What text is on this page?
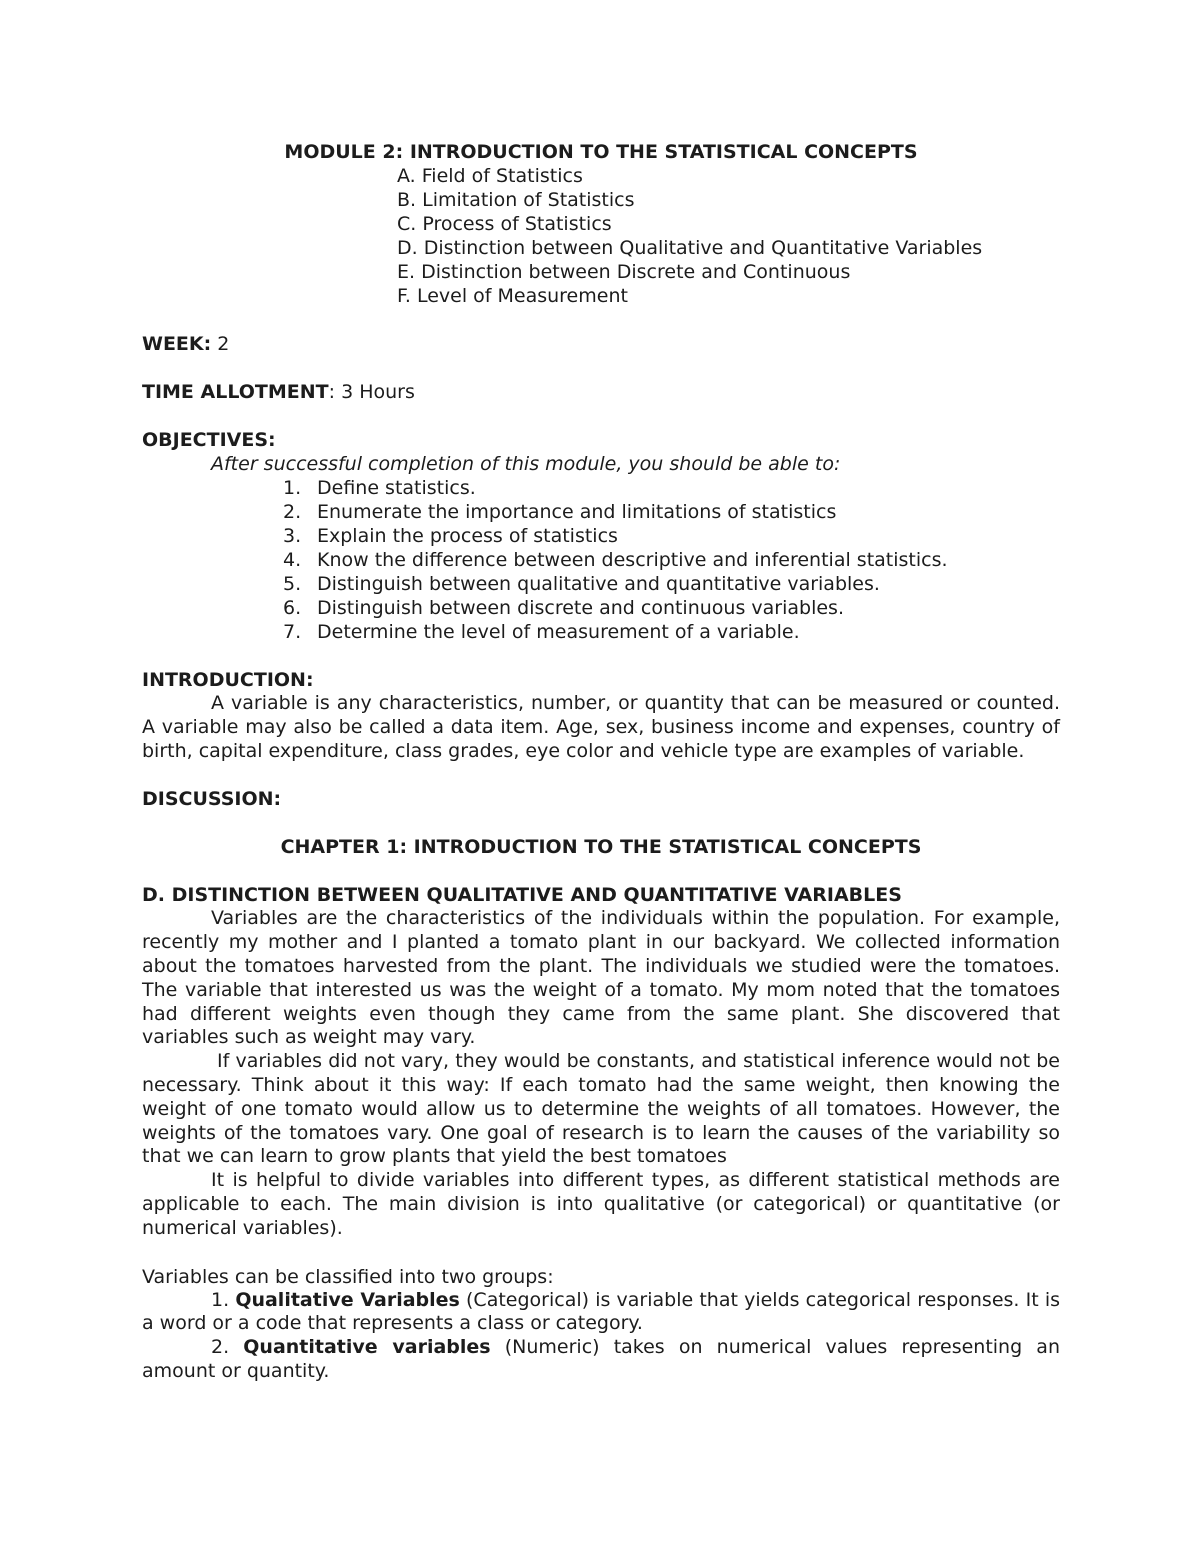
MODULE 2: INTRODUCTION TO THE STATISTICAL CONCEPTS
A. Field of Statistics
B. Limitation of Statistics
C. Process of Statistics
D. Distinction between Qualitative and Quantitative Variables
E. Distinction between Discrete and Continuous
F. Level of Measurement
WEEK: 2
TIME ALLOTMENT: 3 Hours
OBJECTIVES:
After successful completion of this module, you should be able to:
1. Define statistics.
2. Enumerate the importance and limitations of statistics
3. Explain the process of statistics
4. Know the difference between descriptive and inferential statistics.
5. Distinguish between qualitative and quantitative variables.
6. Distinguish between discrete and continuous variables.
7. Determine the level of measurement of a variable.
INTRODUCTION:

A variable is any characteristics, number, or quantity that can be measured or counted. A variable may also be called a data item. Age, sex, business income and expenses, country of birth, capital expenditure, class grades, eye color and vehicle type are examples of variable.

DISCUSSION:
CHAPTER 1: INTRODUCTION TO THE STATISTICAL CONCEPTS
D. DISTINCTION BETWEEN QUALITATIVE AND QUANTITATIVE VARIABLES

Variables are the characteristics of the individuals within the population. For example, recently my mother and I planted a tomato plant in our backyard. We collected information about the tomatoes harvested from the plant. The individuals we studied were the tomatoes. The variable that interested us was the weight of a tomato. My mom noted that the tomatoes had different weights even though they came from the same plant. She discovered that variables such as weight may vary.

If variables did not vary, they would be constants, and statistical inference would not be necessary. Think about it this way: If each tomato had the same weight, then knowing the weight of one tomato would allow us to determine the weights of all tomatoes. However, the weights of the tomatoes vary. One goal of research is to learn the causes of the variability so that we can learn to grow plants that yield the best tomatoes

It is helpful to divide variables into different types, as different statistical methods are applicable to each. The main division is into qualitative (or categorical) or quantitative (or numerical variables).

Variables can be classified into two groups:

1. Qualitative Variables (Categorical) is variable that yields categorical responses. It is a word or a code that represents a class or category.

2. Quantitative variables (Numeric) takes on numerical values representing an amount or quantity.
